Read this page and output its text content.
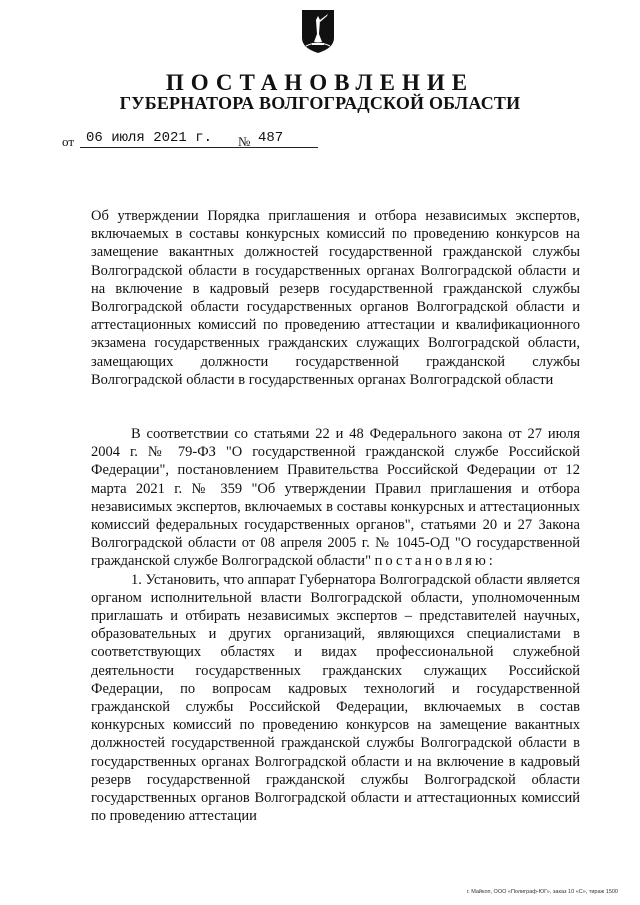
ПОСТАНОВЛЕНИЕ
ГУБЕРНАТОРА ВОЛГОГРАДСКОЙ ОБЛАСТИ
от 06 июля 2021 г. № 487
Об утверждении Порядка приглашения и отбора независимых экспертов, включаемых в составы конкурсных комиссий по проведению конкурсов на замещение вакантных должностей государственной гражданской службы Волгоградской области в государственных органах Волгоградской области и на включение в кадровый резерв государственной гражданской службы Волгоградской области государственных органов Волгоградской области и аттестационных комиссий по проведению аттестации и квалификационного экзамена государственных гражданских служащих Волгоградской области, замещающих должности государственной гражданской службы Волгоградской области в государственных органах Волгоградской области

В соответствии со статьями 22 и 48 Федерального закона от 27 июля 2004 г. № 79-ФЗ "О государственной гражданской службе Российской Федерации", постановлением Правительства Российской Федерации от 12 марта 2021 г. № 359 "Об утверждении Правил приглашения и отбора независимых экспертов, включаемых в составы конкурсных и аттестационных комиссий федеральных государственных органов", статьями 20 и 27 Закона Волгоградской области от 08 апреля 2005 г. № 1045-ОД "О государственной гражданской службе Волгоградской области" постановляю:

1. Установить, что аппарат Губернатора Волгоградской области является органом исполнительной власти Волгоградской области, уполномоченным приглашать и отбирать независимых экспертов – представителей научных, образовательных и других организаций, являющихся специалистами в соответствующих областях и видах профессиональной служебной деятельности государственных гражданских служащих Российской Федерации, по вопросам кадровых технологий и государственной гражданской службы Российской Федерации, включаемых в состав конкурсных комиссий по проведению конкурсов на замещение вакантных должностей государственной гражданской службы Волгоградской области в государственных органах Волгоградской области и на включение в кадровый резерв государственной гражданской службы Волгоградской области государственных органов Волгоградской области и аттестационных комиссий по проведению аттестации

г. Майкоп, ООО «Полиграф-ЮГ», заказ 10 «С», тираж 1500
